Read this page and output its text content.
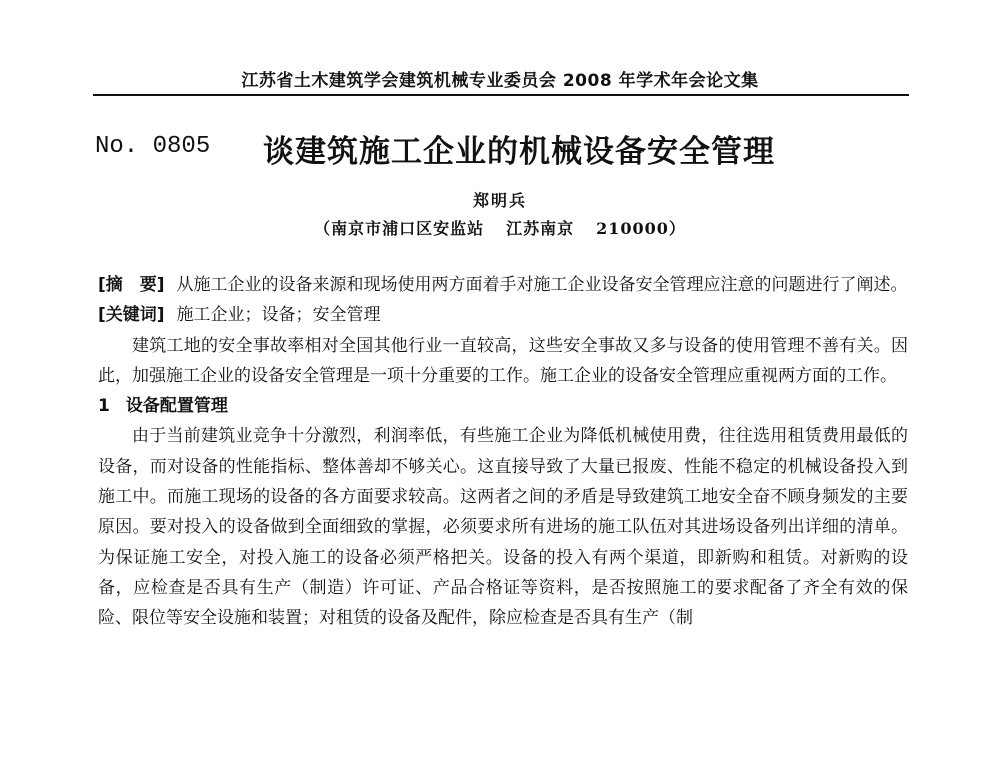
江苏省土木建筑学会建筑机械专业委员会 2008 年学术年会论文集
No. 0805 谈建筑施工企业的机械设备安全管理
郑明兵
（南京市浦口区安监站 江苏南京 210000）

[摘　要] 从施工企业的设备来源和现场使用两方面着手对施工企业设备安全管理应注意的问题进行了阐述。

[关键词] 施工企业；设备；安全管理

建筑工地的安全事故率相对全国其他行业一直较高，这些安全事故又多与设备的使用管理不善有关。因此，加强施工企业的设备安全管理是一项十分重要的工作。施工企业的设备安全管理应重视两方面的工作。

1 设备配置管理

由于当前建筑业竞争十分激烈，利润率低，有些施工企业为降低机械使用费，往往选用租赁费用最低的设备，而对设备的性能指标、整体善却不够关心。这直接导致了大量已报废、性能不稳定的机械设备投入到施工中。而施工现场的设备的各方面要求较高。这两者之间的矛盾是导致建筑工地安全奋不顾身频发的主要原因。要对投入的设备做到全面细致的掌握，必须要求所有进场的施工队伍对其进场设备列出详细的清单。为保证施工安全，对投入施工的设备必须严格把关。设备的投入有两个渠道，即新购和租赁。对新购的设备，应检查是否具有生产（制造）许可证、产品合格证等资料，是否按照施工的要求配备了齐全有效的保险、限位等安全设施和装置；对租赁的设备及配件，除应检查是否具有生产（制
